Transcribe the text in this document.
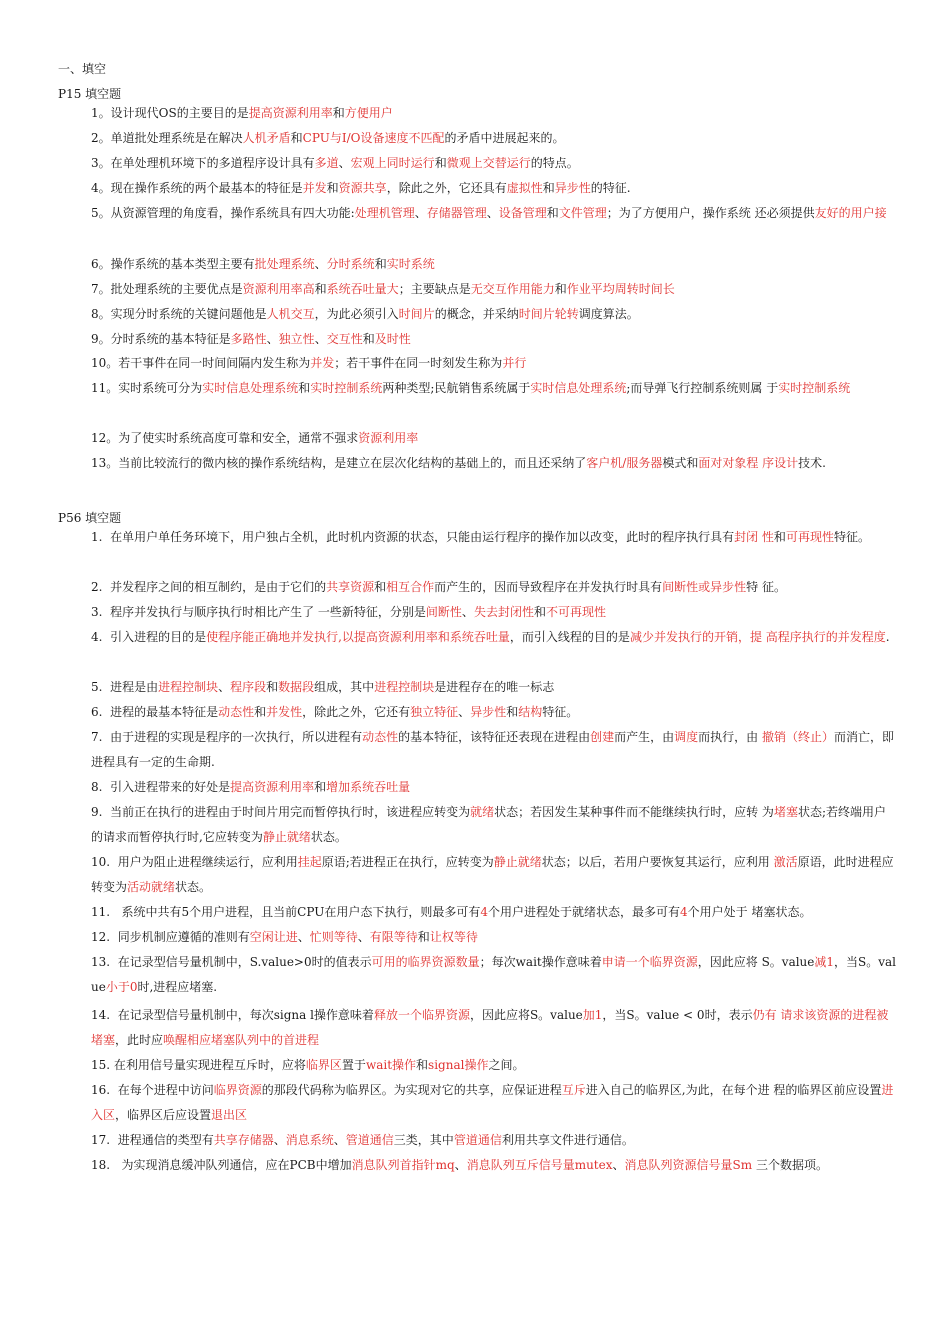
一、填空
P15 填空题
1。设计现代OS的主要目的是提高资源利用率和方便用户
2。单道批处理系统是在解决人机矛盾和CPU与I/O设备速度不匹配的矛盾中进展起来的。
3。在单处理机环境下的多道程序设计具有多道、宏观上同时运行和微观上交替运行的特点。
4。现在操作系统的两个最基本的特征是并发和资源共享，除此之外，它还具有虚拟性和异步性的特征.
5。从资源管理的角度看，操作系统具有四大功能:处理机管理、存储器管理、设备管理和文件管理；为了方便用户，操作系统 还必须提供友好的用户接
6。操作系统的基本类型主要有批处理系统、分时系统和实时系统
7。批处理系统的主要优点是资源利用率高和系统吞吐量大；主要缺点是无交互作用能力和作业平均周转时间长
8。实现分时系统的关键问题他是人机交互，为此必须引入时间片的概念，并采纳时间片轮转调度算法。
9。分时系统的基本特征是多路性、独立性、交互性和及时性
10。若干事件在同一时间间隔内发生称为并发；若干事件在同一时刻发生称为并行
11。实时系统可分为实时信息处理系统和实时控制系统两种类型;民航销售系统属于实时信息处理系统;而导弹飞行控制系统则属 于实时控制系统
12。为了使实时系统高度可靠和安全，通常不强求资源利用率
13。当前比较流行的微内核的操作系统结构，是建立在层次化结构的基础上的，而且还采纳了客户机/服务器模式和面对对象程 序设计技术.
P56 填空题
1.  在单用户单任务环境下，用户独占全机，此时机内资源的状态，只能由运行程序的操作加以改变，此时的程序执行具有封闭 性和可再现性特征。
2.  并发程序之间的相互制约，是由于它们的共享资源和相互合作而产生的，因而导致程序在并发执行时具有间断性或异步性特 征。
3.  程序并发执行与顺序执行时相比产生了 一些新特征，分别是间断性、失去封闭性和不可再现性
4.  引入进程的目的是使程序能正确地并发执行,以提高资源利用率和系统吞吐量，而引入线程的目的是减少并发执行的开销，提 高程序执行的并发程度.
5.  进程是由进程控制块、程序段和数据段组成，其中进程控制块是进程存在的唯一标志
6.  进程的最基本特征是动态性和并发性，除此之外，它还有独立特征、异步性和结构特征。
7.  由于进程的实现是程序的一次执行，所以进程有动态性的基本特征，该特征还表现在进程由创建而产生，由调度而执行，由 撤销（终止）而消亡，即进程具有一定的生命期.
8.  引入进程带来的好处是提高资源利用率和增加系统吞吐量
9.  当前正在执行的进程由于时间片用完而暂停执行时，该进程应转变为就绪状态；若因发生某种事件而不能继续执行时，应转 为堵塞状态;若终端用户的请求而暂停执行时,它应转变为静止就绪状态。
10.  用户为阻止进程继续运行，应利用挂起原语;若进程正在执行，应转变为静止就绪状态；以后，若用户要恢复其运行，应利用 激活原语，此时进程应转变为活动就绪状态。
11.   系统中共有5个用户进程，且当前CPU在用户态下执行，则最多可有4个用户进程处于就绪状态，最多可有4个用户处于 堵塞状态。
12.  同步机制应遵循的准则有空闲让进、忙则等待、有限等待和让权等待
13.  在记录型信号量机制中，S.value>0时的值表示可用的临界资源数量；每次wait操作意味着申请一个临界资源，因此应将 S。value减1，当S。value小于0时,进程应堵塞.
14.  在记录型信号量机制中，每次signa l操作意味着释放一个临界资源，因此应将S。value加1，当S。value < 0时，表示仍有 请求该资源的进程被堵塞，此时应唤醒相应堵塞队列中的首进程
15. 在利用信号量实现进程互斥时，应将临界区置于wait操作和signal操作之间。
16.  在每个进程中访问临界资源的那段代码称为临界区。为实现对它的共享，应保证进程互斥进入自己的临界区,为此，在每个进 程的临界区前应设置进入区，临界区后应设置退出区
17.  进程通信的类型有共享存储器、消息系统、管道通信三类，其中管道通信利用共享文件进行通信。
18.   为实现消息缓冲队列通信，应在PCB中增加消息队列首指针mq、消息队列互斥信号量mutex、消息队列资源信号量Sm 三个数据项。
